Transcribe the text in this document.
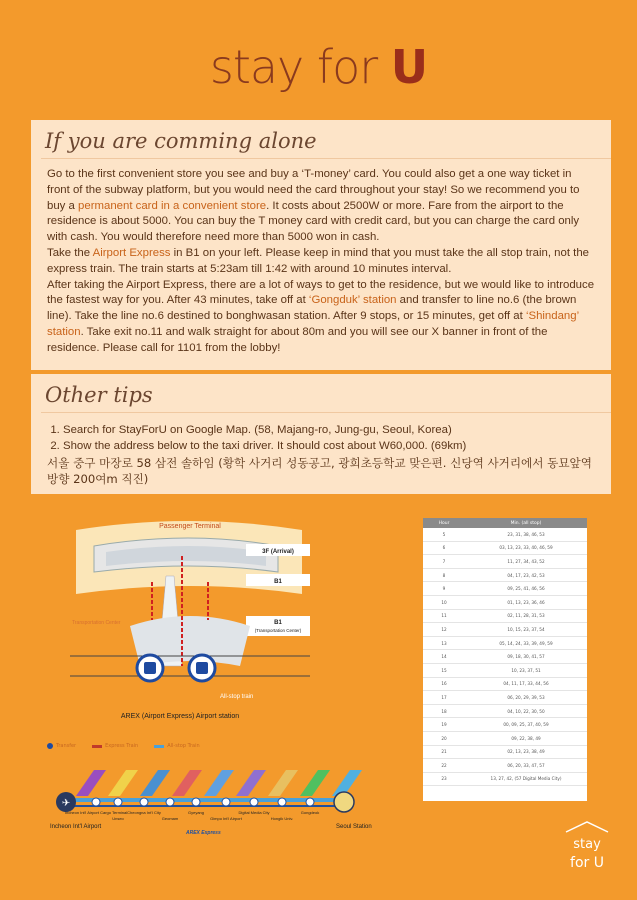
stay for U
If you are comming alone
Go to the first convenient store you see and buy a ‘T-money’ card. You could also get a one way ticket in front of the subway platform, but you would need the card throughout your stay! So we recommend you to buy a permanent card in a convenient store. It costs about 2500W or more. Fare from the airport to the residence is about 5000. You can buy the T money card with credit card, but you can charge the card only with cash. You would therefore need more than 5000 won in cash.
Take the Airport Express in B1 on your left. Please keep in mind that you must take the all stop train, not the express train. The train starts at 5:23am till 1:42 with around 10 minutes interval.
After taking the Airport Express, there are a lot of ways to get to the residence, but we would like to introduce the fastest way for you. After 43 minutes, take off at ‘Gongduk’ station and transfer to line no.6 (the brown line). Take the line no.6 destined to bonghwasan station. After 9 stops, or 15 minutes, get off at ‘Shindang’ station. Take exit no.11 and walk straight for about 80m and you will see our X banner in front of the residence. Please call for 1101 from the lobby!
Other tips
1. Search for StayForU on Google Map. (58, Majang-ro, Jung-gu, Seoul, Korea)
2. Show the address below to the taxi driver. It should cost about W60,000. (69km)
서울 중구 마장로 58 삼전 솔하임 (황학 사거리 성동공고, 광희초등학교 맞은편. 신당역 사거리에서 동묘앞역 방향 200여m 직진)
Passenger Terminal
3F (Arrival)
B1
B1
(Transportation Center)
Transportation Center
All-stop train
AREX (Airport Express) Airport station
Transfer	Express Train	All-stop Train
✈
Incheon Int'l Airport	Seoul Station
Incheon Int'l Airport Cargo Terminal
Unseo
Cheongna Int'l City
Geomam
Gyeyang
Gimpo Int'l Airport
Digital Media City
Hongik Univ.
Gongdeok
AREX Express
Hour	Min. (all stop)
5	23, 31, 38, 46, 53
6	03, 13, 23, 33, 40, 46, 59
7	11, 27, 34, 43, 52
8	04, 17, 23, 42, 53
9	09, 25, 41, 46, 56
10	01, 13, 23, 36, 46
11	02, 11, 28, 31, 53
12	10, 15, 23, 37, 54
13	05, 14, 24, 33, 39, 49, 59
14	09, 18, 30, 41, 57
15	10, 23, 37, 51
16	04, 11, 17, 33, 44, 56
17	06, 20, 29, 39, 53
18	04, 10, 22, 30, 50
19	00, 09, 25, 37, 40, 59
20	09, 22, 38, 49
21	02, 13, 23, 38, 49
22	06, 20, 33, 47, 57
23	13, 27, 42, (57 Digital Media City)
stay
for U
